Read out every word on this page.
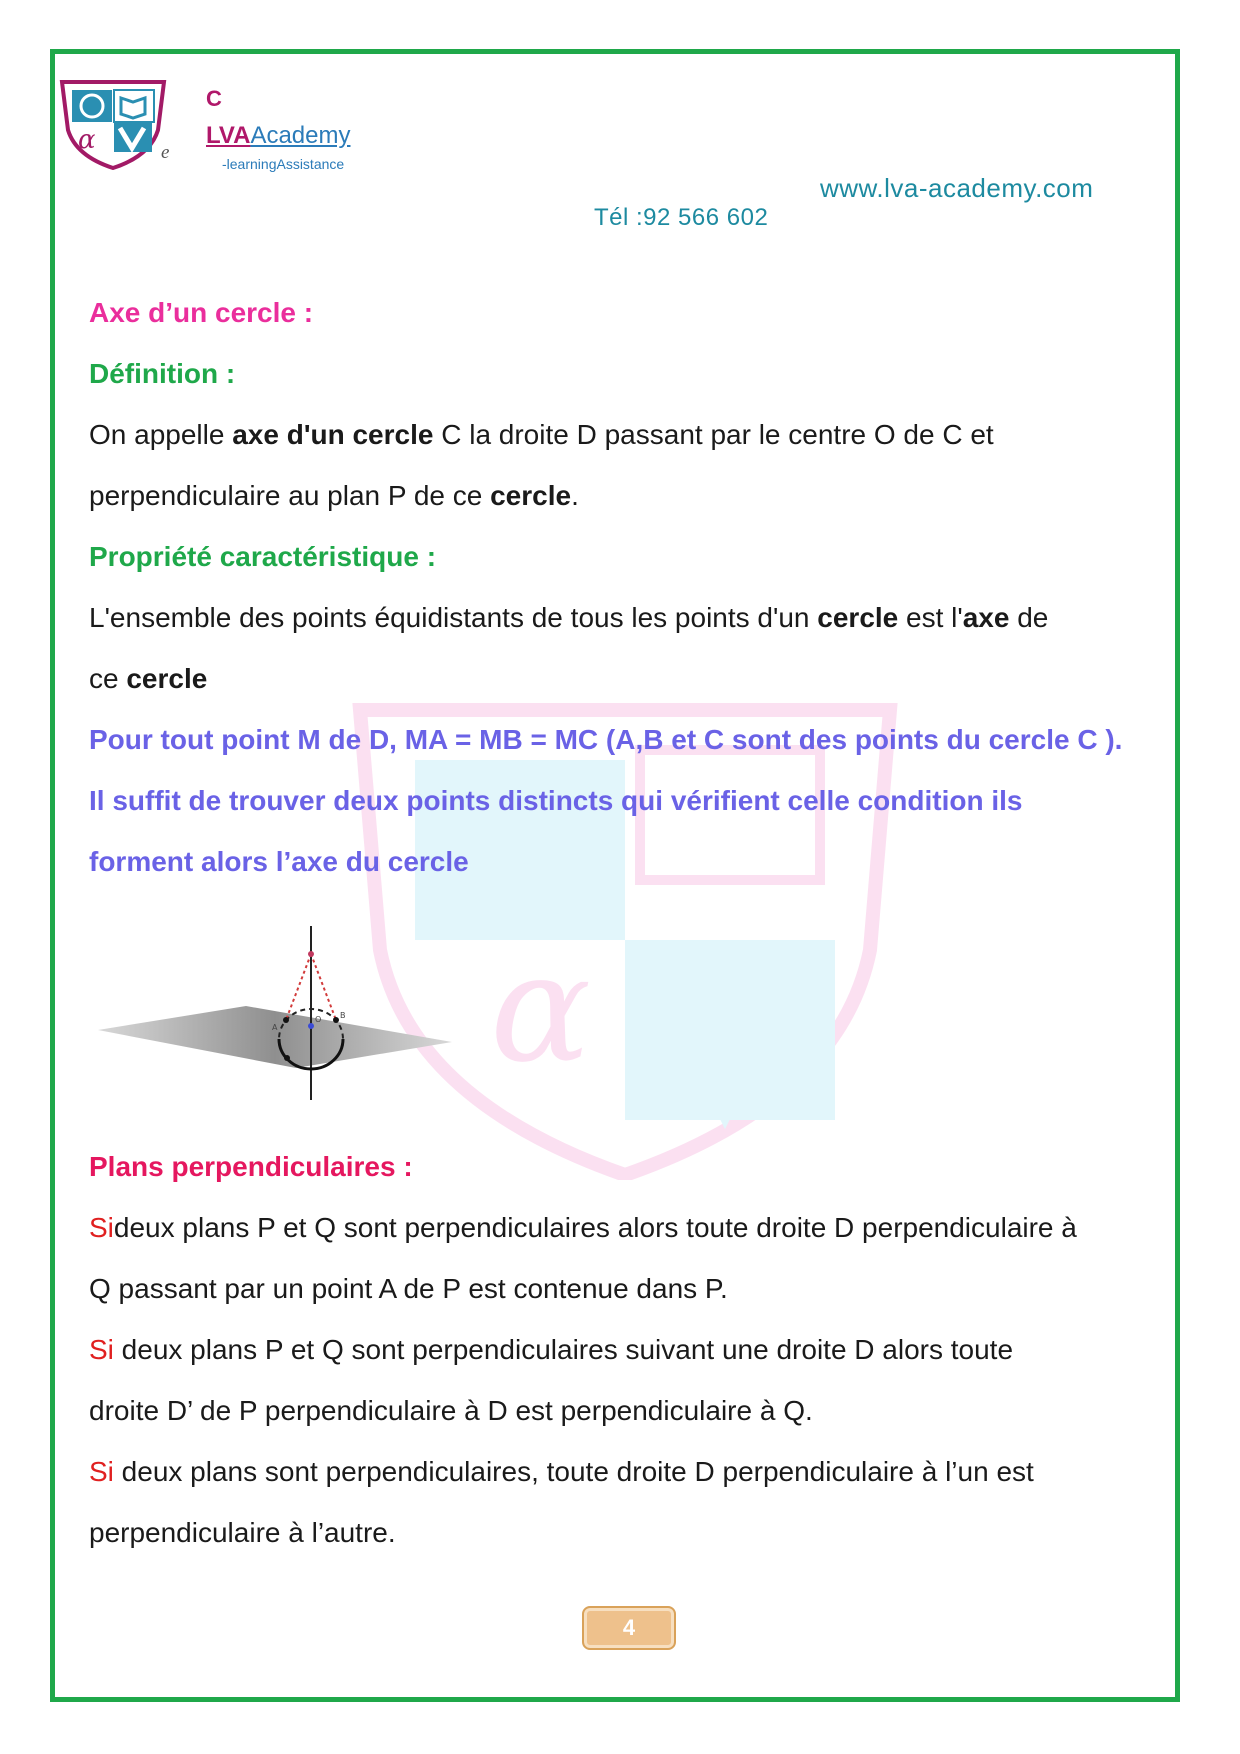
α
α	e
C
LVAAcademy
-learningAssistance
www.lva-academy.com
Tél :92 566 602

Axe d’un cercle :

Définition :

On appelle axe d'un cercle C la droite D passant par le centre O de C et

perpendiculaire au plan P de ce cercle.

Propriété caractéristique :

L'ensemble des points équidistants de tous les points d'un cercle est l'axe de

ce cercle

Pour tout point M de D, MA = MB = MC (A,B et C sont des points du cercle C ).

Il suffit de trouver deux points distincts qui vérifient celle condition ils

forment alors l’axe du cercle

Plans perpendiculaires :

Sideux plans P et Q sont perpendiculaires alors toute droite D perpendiculaire à

Q passant par un point A de P est contenue dans P.

Si deux plans P et Q sont perpendiculaires suivant une droite D alors toute

droite D’ de P perpendiculaire à D est perpendiculaire à Q.

Si deux plans sont perpendiculaires, toute droite D perpendiculaire à l’un est

perpendiculaire à l’autre.

A
B
O
4
